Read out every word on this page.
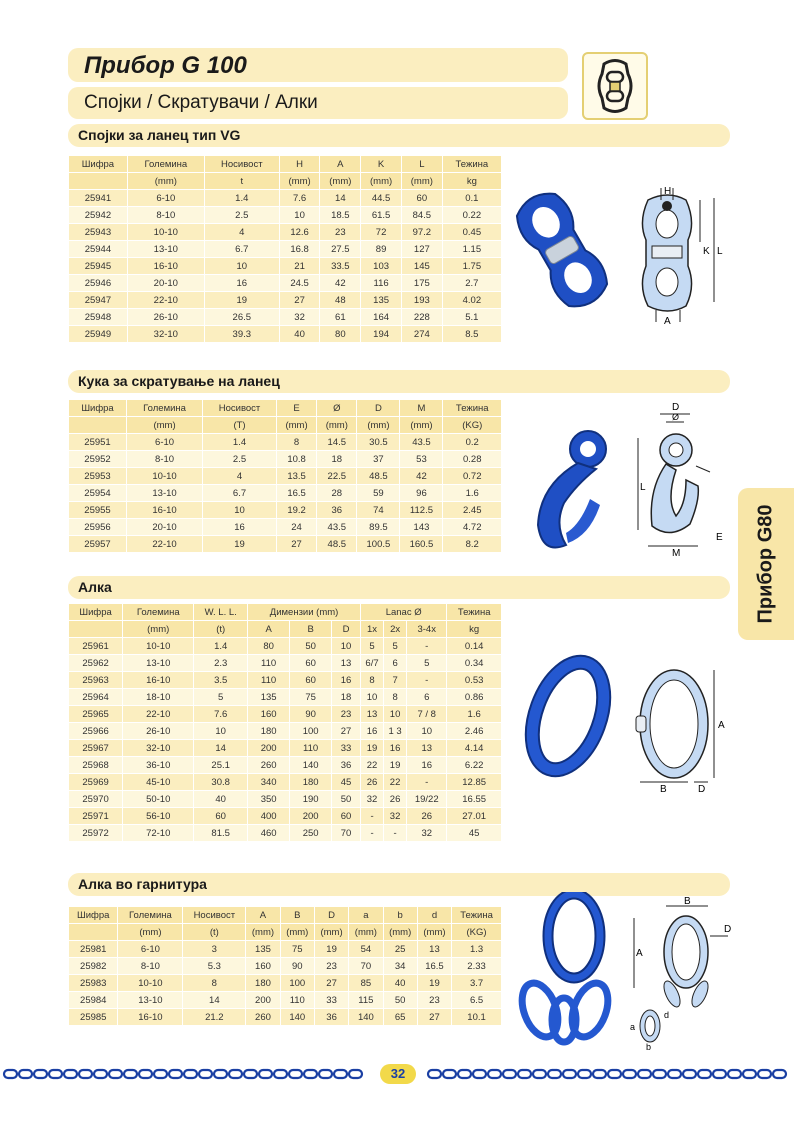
Прибор G 100
Спојки / Скратувачи / Алки
Спојки за ланец тип VG
Шифра	Големина	Носивост	H	A	K	L	Тежина
	(mm)	t	(mm)	(mm)	(mm)	(mm)	kg
25941	6-10	1.4	7.6	14	44.5	60	0.1
25942	8-10	2.5	10	18.5	61.5	84.5	0.22
25943	10-10	4	12.6	23	72	97.2	0.45
25944	13-10	6.7	16.8	27.5	89	127	1.15
25945	16-10	10	21	33.5	103	145	1.75
25946	20-10	16	24.5	42	116	175	2.7
25947	22-10	19	27	48	135	193	4.02
25948	26-10	26.5	32	61	164	228	5.1
25949	32-10	39.3	40	80	194	274	8.5
H
K L
A
Кука за скратување на ланец
Шифра	Големина	Носивост	E	Ø	D	M	Тежина
	(mm)	(T)	(mm)	(mm)	(mm)	(mm)	(KG)
25951	6-10	1.4	8	14.5	30.5	43.5	0.2
25952	8-10	2.5	10.8	18	37	53	0.28
25953	10-10	4	13.5	22.5	48.5	42	0.72
25954	13-10	6.7	16.5	28	59	96	1.6
25955	16-10	10	19.2	36	74	112.5	2.45
25956	20-10	16	24	43.5	89.5	143	4.72
25957	22-10	19	27	48.5	100.5	160.5	8.2
D
Ø
L
M
E Прибор G80
Алка
Шифра	Големина	W. L. L.	Димензии (mm)			Lanac Ø			Тежина
	(mm)	(t)	A	B	D	1x	2x	3-4x	kg
25961	10-10	1.4	80	50	10	5	5	-	0.14
25962	13-10	2.3	110	60	13	6/7	6	5	0.34
25963	16-10	3.5	110	60	16	8	7	-	0.53
25964	18-10	5	135	75	18	10	8	6	0.86
25965	22-10	7.6	160	90	23	13	10	7 / 8	1.6
25966	26-10	10	180	100	27	16	1 3	10	2.46
25967	32-10	14	200	110	33	19	16	13	4.14
25968	36-10	25.1	260	140	36	22	19	16	6.22
25969	45-10	30.8	340	180	45	26	22	-	12.85
25970	50-10	40	350	190	50	32	26	19/22	16.55
25971	56-10	60	400	200	60	-	32	26	27.01
25972	72-10	81.5	460	250	70	-	-	32	45
A
B	D
Алка во гарнитура
Шифра	Големина	Носивост	A	B	D	a	b	d	Тежина
	(mm)	(t)	(mm)	(mm)	(mm)	(mm)	(mm)	(mm)	(KG)
25981	6-10	3	135	75	19	54	25	13	1.3
25982	8-10	5.3	160	90	23	70	34	16.5	2.33
25983	10-10	8	180	100	27	85	40	19	3.7
25984	13-10	14	200	110	33	115	50	23	6.5
25985	16-10	21.2	260	140	36	140	65	27	10.1
B
A
D
a
b
d
32
